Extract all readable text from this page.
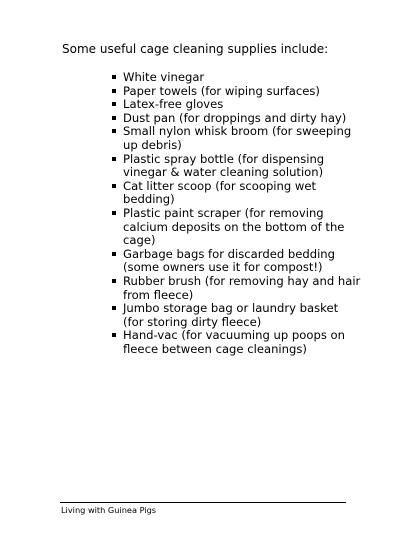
Some useful cage cleaning supplies include:

White vinegar
Paper towels (for wiping surfaces)
Latex-free gloves
Dust pan (for droppings and dirty hay)
Small nylon whisk broom (for sweeping up debris)
Plastic spray bottle (for dispensing vinegar & water cleaning solution)
Cat litter scoop (for scooping wet bedding)
Plastic paint scraper (for removing calcium deposits on the bottom of the cage)
Garbage bags for discarded bedding (some owners use it for compost!)
Rubber brush (for removing hay and hair from fleece)
Jumbo storage bag or laundry basket (for storing dirty fleece)
Hand-vac (for vacuuming up poops on fleece between cage cleanings)

Living with Guinea Pigs
